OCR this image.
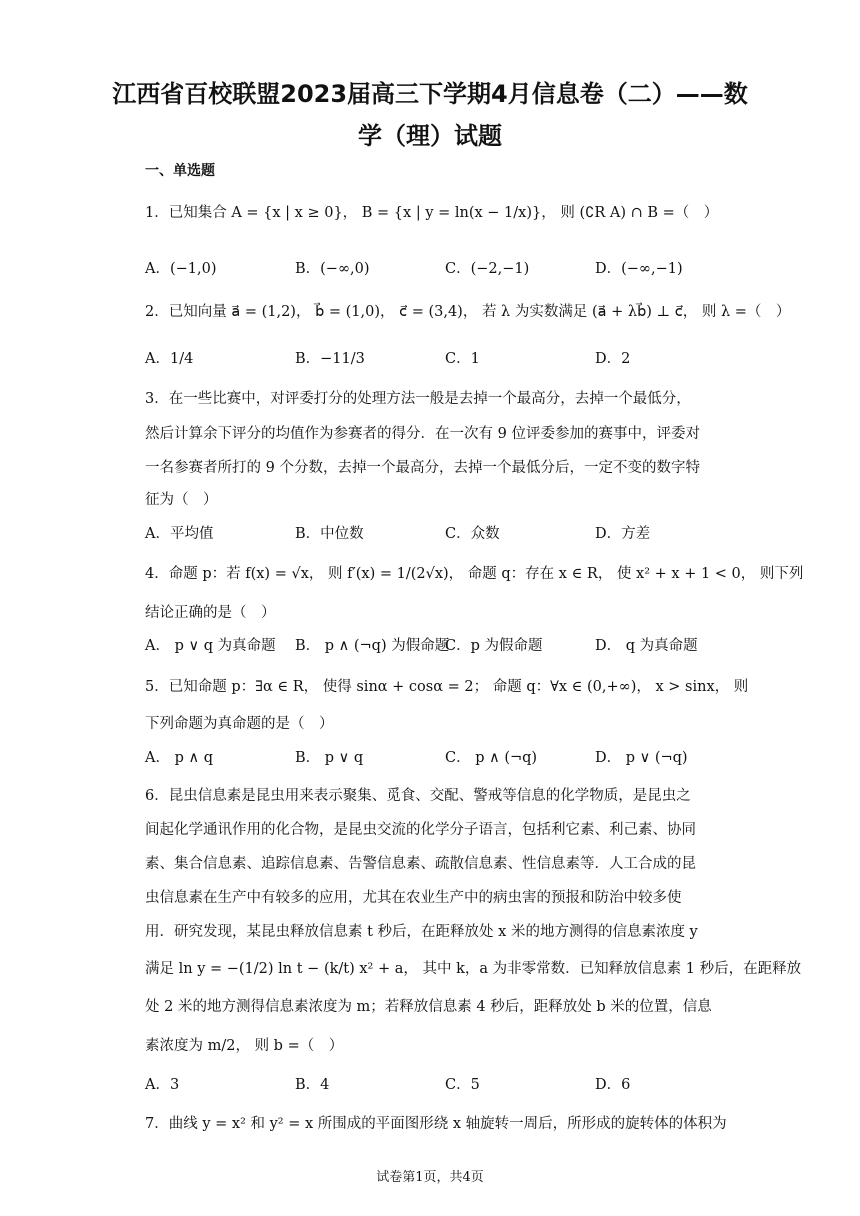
江西省百校联盟2023届高三下学期4月信息卷（二）——数
学（理）试题
一、单选题
1．已知集合 A = {x | x ≥ 0}， B = {x | y = ln(x − 1/x)}， 则 (∁R A) ∩ B =（　）
2．已知向量 a⃗ = (1,2)， b⃗ = (1,0)， c⃗ = (3,4)， 若 λ 为实数满足 (a⃗ + λb⃗) ⊥ c⃗， 则 λ =（　）
3．在一些比赛中，对评委打分的处理方法一般是去掉一个最高分，去掉一个最低分，
然后计算余下评分的均值作为参赛者的得分．在一次有 9 位评委参加的赛事中，评委对
一名参赛者所打的 9 个分数，去掉一个最高分，去掉一个最低分后，一定不变的数字特
征为（　）
4．命题 p：若 f(x) = √x， 则 f′(x) = 1/(2√x)， 命题 q：存在 x ∈ R， 使 x² + x + 1 < 0， 则下列
结论正确的是（　）
5．已知命题 p：∃α ∈ R， 使得 sinα + cosα = 2； 命题 q：∀x ∈ (0,+∞)， x > sinx， 则
下列命题为真命题的是（　）
6．昆虫信息素是昆虫用来表示聚集、觅食、交配、警戒等信息的化学物质，是昆虫之
间起化学通讯作用的化合物，是昆虫交流的化学分子语言，包括利它素、利己素、协同
素、集合信息素、追踪信息素、告警信息素、疏散信息素、性信息素等．人工合成的昆
虫信息素在生产中有较多的应用，尤其在农业生产中的病虫害的预报和防治中较多使
用．研究发现，某昆虫释放信息素 t 秒后，在距释放处 x 米的地方测得的信息素浓度 y
满足 ln y = −(1/2) ln t − (k/t) x² + a， 其中 k，a 为非零常数．已知释放信息素 1 秒后，在距释放
处 2 米的地方测得信息素浓度为 m；若释放信息素 4 秒后，距释放处 b 米的位置，信息
素浓度为 m/2， 则 b =（　）
7．曲线 y = x² 和 y² = x 所围成的平面图形绕 x 轴旋转一周后，所形成的旋转体的体积为
A．(−1,0)	B．(−∞,0)	C．(−2,−1)	D．(−∞,−1)
A．1/4	B．−11/3	C．1	D．2
A．平均值	B．中位数	C．众数	D．方差
A． p ∨ q 为真命题 B． p ∧ (¬q) 为假命题
C．p 为假命题	D． q 为真命题
A． p ∧ q	B． p ∨ q	C． p ∧ (¬q)	D． p ∨ (¬q)
A．3	B．4	C．5	D．6
试卷第1页，共4页
